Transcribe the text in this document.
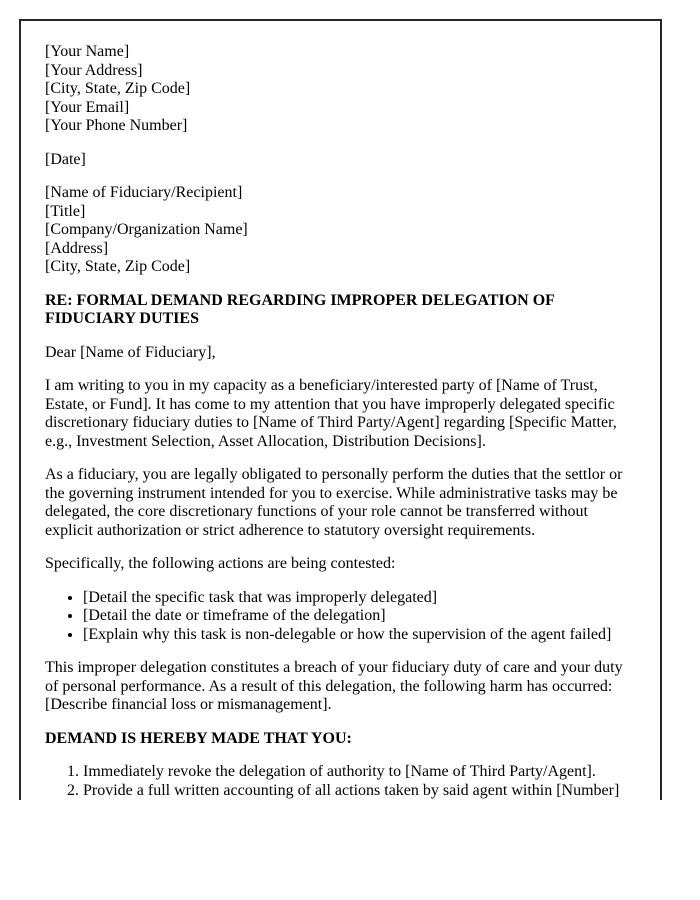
[Your Name]
[Your Address]
[City, State, Zip Code]
[Your Email]
[Your Phone Number]
[Date]
[Name of Fiduciary/Recipient]
[Title]
[Company/Organization Name]
[Address]
[City, State, Zip Code]
RE: FORMAL DEMAND REGARDING IMPROPER DELEGATION OF
FIDUCIARY DUTIES
Dear [Name of Fiduciary],
I am writing to you in my capacity as a beneficiary/interested party of [Name of Trust,
Estate, or Fund]. It has come to my attention that you have improperly delegated specific
discretionary fiduciary duties to [Name of Third Party/Agent] regarding [Specific Matter,
e.g., Investment Selection, Asset Allocation, Distribution Decisions].
As a fiduciary, you are legally obligated to personally perform the duties that the settlor or
the governing instrument intended for you to exercise. While administrative tasks may be
delegated, the core discretionary functions of your role cannot be transferred without
explicit authorization or strict adherence to statutory oversight requirements.
Specifically, the following actions are being contested:
• [Detail the specific task that was improperly delegated]
• [Detail the date or timeframe of the delegation]
• [Explain why this task is non-delegable or how the supervision of the agent failed]
This improper delegation constitutes a breach of your fiduciary duty of care and your duty
of personal performance. As a result of this delegation, the following harm has occurred:
[Describe financial loss or mismanagement].
DEMAND IS HEREBY MADE THAT YOU:
1. Immediately revoke the delegation of authority to [Name of Third Party/Agent].
2. Provide a full written accounting of all actions taken by said agent within [Number]
